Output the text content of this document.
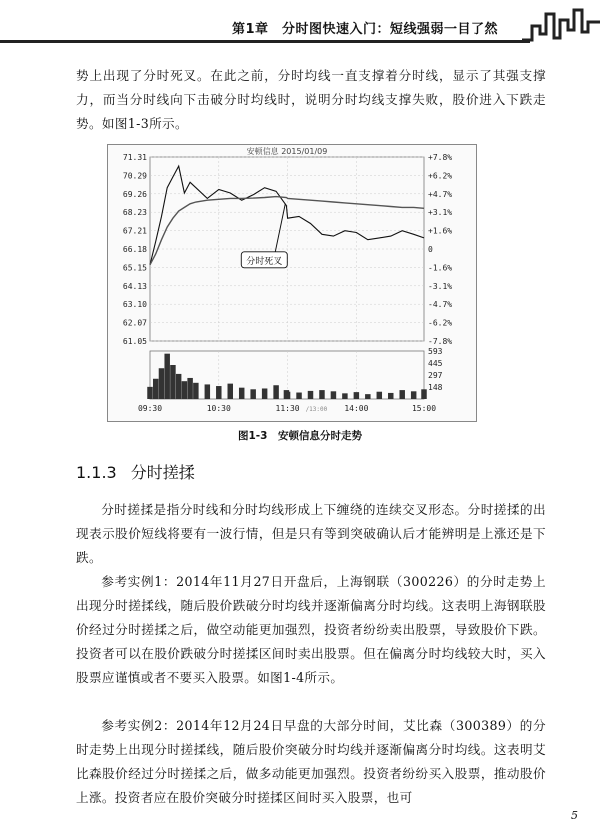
第1章　分时图快速入门：短线强弱一目了然
势上出现了分时死叉。在此之前，分时均线一直支撑着分时线，显示了其强支撑力，而当分时线向下击破分时均线时，说明分时均线支撑失败，股价进入下跌走势。如图1-3所示。
安顿信息 2015/01/09
71.31	+7.8%
70.29	+6.2%
69.26	+4.7%
68.23	+3.1%
67.21	+1.6%
66.18	0
65.15	-1.6%
64.13	-3.1%
63.10	-4.7%
62.07	-6.2%
61.05	-7.8%
593
445
297
148
分时死叉
09:30	10:30	11:30	14:00	15:00
/13:00
图1-3　安顿信息分时走势
1.1.3 分时搓揉
分时搓揉是指分时线和分时均线形成上下缠绕的连续交叉形态。分时搓揉的出现表示股价短线将要有一波行情，但是只有等到突破确认后才能辨明是上涨还是下跌。
参考实例1：2014年11月27日开盘后，上海钢联（300226）的分时走势上出现分时搓揉线，随后股价跌破分时均线并逐渐偏离分时均线。这表明上海钢联股价经过分时搓揉之后，做空动能更加强烈，投资者纷纷卖出股票，导致股价下跌。投资者可以在股价跌破分时搓揉区间时卖出股票。但在偏离分时均线较大时，买入股票应谨慎或者不要买入股票。如图1-4所示。
参考实例2：2014年12月24日早盘的大部分时间，艾比森（300389）的分时走势上出现分时搓揉线，随后股价突破分时均线并逐渐偏离分时均线。这表明艾比森股价经过分时搓揉之后，做多动能更加强烈。投资者纷纷买入股票，推动股价上涨。投资者应在股价突破分时搓揉区间时买入股票，也可
5
